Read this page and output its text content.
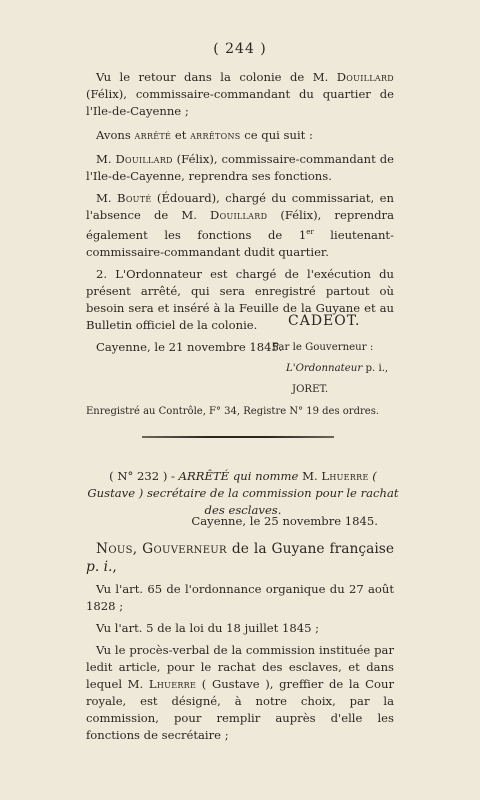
( 244 )

Vu le retour dans la colonie de M. Douillard (Félix), commissaire-commandant du quartier de l'Ile-de-Cayenne ;

Avons arrêté et arrêtons ce qui suit :

M. Douillard (Félix), commissaire-commandant de l'Ile-de-Cayenne, reprendra ses fonctions.

M. Bouté (Édouard), chargé du commissariat, en l'absence de M. Douillard (Félix), reprendra également les fonctions de 1er lieutenant-commissaire-commandant dudit quartier.

2. L'Ordonnateur est chargé de l'exécution du présent arrêté, qui sera enregistré partout où besoin sera et inséré à la Feuille de la Guyane et au Bulletin officiel de la colonie.

Cayenne, le 21 novembre 1845.

CADEOT.
Par le Gouverneur :
L'Ordonnateur p. i.,
JORET.
Enregistré au Contrôle, F° 34, Registre N° 19 des ordres.
( N° 232 ) - ARRÊTÉ qui nomme M. Lhuerre ( Gustave ) secrétaire de la commission pour le rachat des esclaves.
Cayenne, le 25 novembre 1845.

Nous, Gouverneur de la Guyane française p. i.,

Vu l'art. 65 de l'ordonnance organique du 27 août 1828 ;

Vu l'art. 5 de la loi du 18 juillet 1845 ;

Vu le procès-verbal de la commission instituée par ledit article, pour le rachat des esclaves, et dans lequel M. Lhuerre ( Gustave ), greffier de la Cour royale, est désigné, à notre choix, par la commission, pour remplir auprès d'elle les fonctions de secrétaire ;
